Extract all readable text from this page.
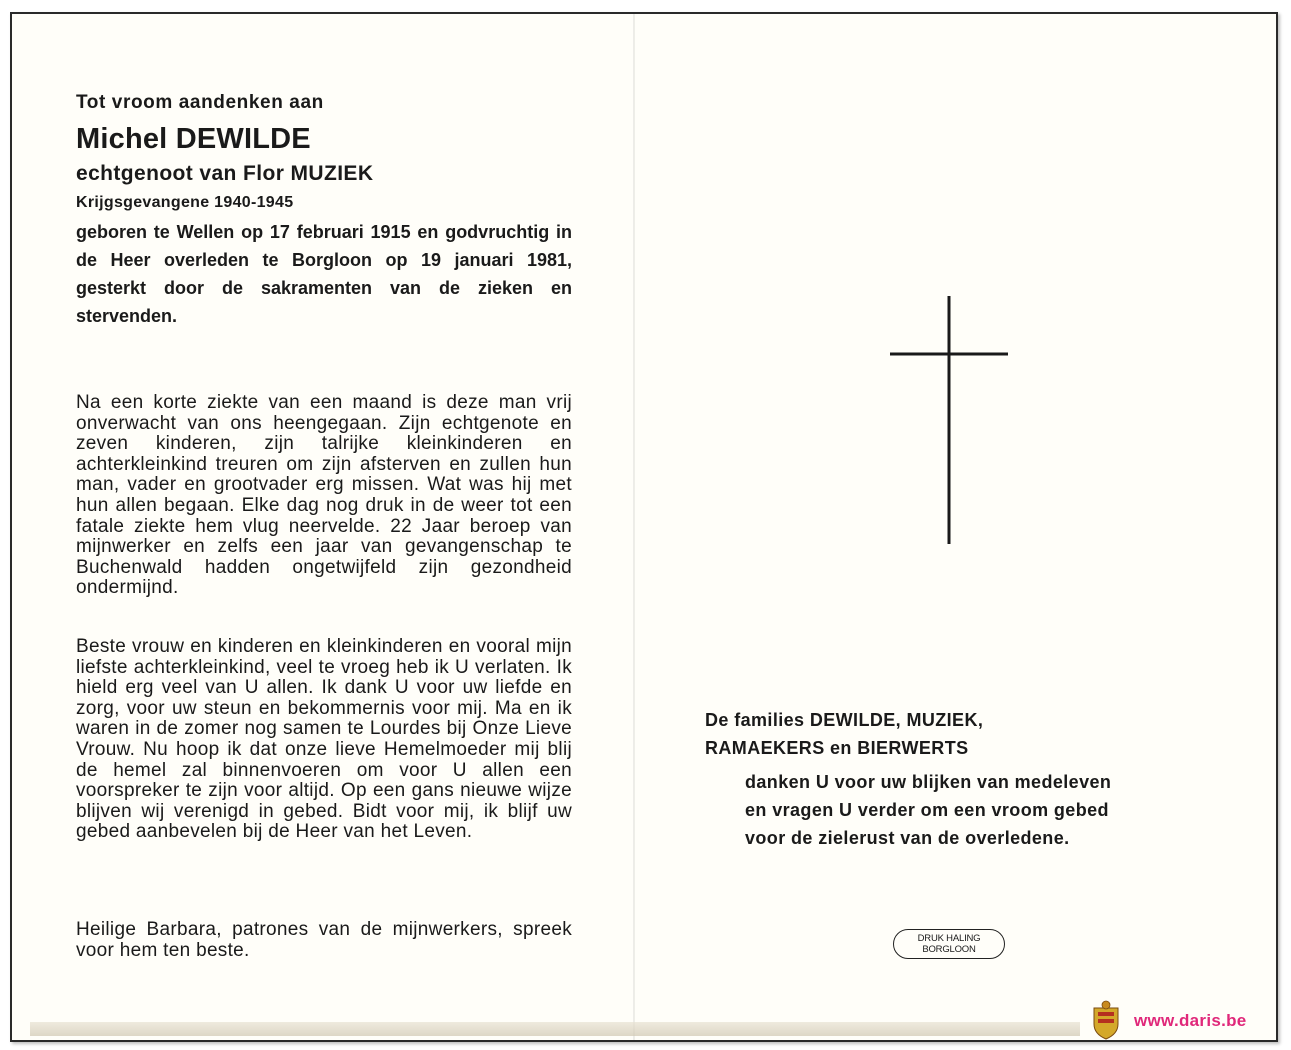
Tot vroom aandenken aan

Michel DEWILDE

echtgenoot van Flor MUZIEK

Krijgsgevangene 1940-1945

geboren te Wellen op 17 februari 1915 en godvruchtig in de Heer overleden te Borgloon op 19 januari 1981, gesterkt door de sakramenten van de zieken en stervenden.

Na een korte ziekte van een maand is deze man vrij onverwacht van ons heengegaan. Zijn echtgenote en zeven kinderen, zijn talrijke kleinkinderen en achterkleinkind treuren om zijn afsterven en zullen hun man, vader en grootvader erg missen. Wat was hij met hun allen begaan. Elke dag nog druk in de weer tot een fatale ziekte hem vlug neervelde. 22 Jaar beroep van mijnwerker en zelfs een jaar van gevangenschap te Buchenwald hadden ongetwijfeld zijn gezondheid ondermijnd.

Beste vrouw en kinderen en kleinkinderen en vooral mijn liefste achterkleinkind, veel te vroeg heb ik U verlaten. Ik hield erg veel van U allen. Ik dank U voor uw liefde en zorg, voor uw steun en bekommernis voor mij. Ma en ik waren in de zomer nog samen te Lourdes bij Onze Lieve Vrouw. Nu hoop ik dat onze lieve Hemelmoeder mij blij de hemel zal binnenvoeren om voor U allen een voorspreker te zijn voor altijd. Op een gans nieuwe wijze blijven wij verenigd in gebed. Bidt voor mij, ik blijf uw gebed aanbevelen bij de Heer van het Leven.

Heilige Barbara, patrones van de mijnwerkers, spreek voor hem ten beste.

De families DEWILDE, MUZIEK,

RAMAEKERS en BIERWERTS

danken U voor uw blijken van medeleven
en vragen U verder om een vroom gebed
voor de zielerust van de overledene.
DRUK HALING
BORGLOON
www.daris.be
